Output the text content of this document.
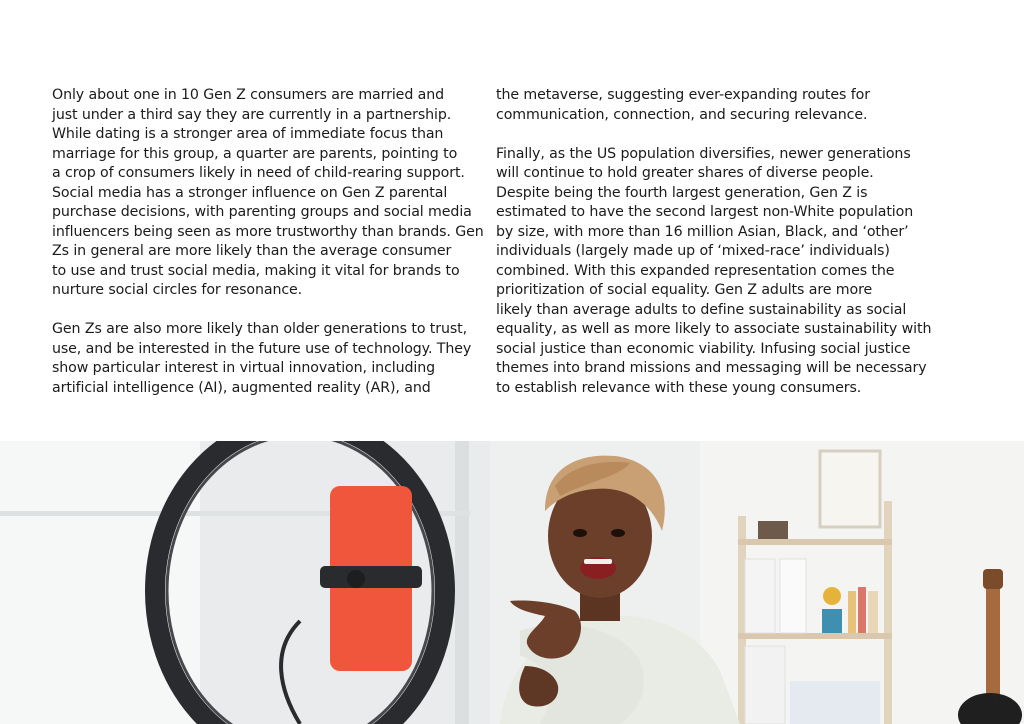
Only about one in 10 Gen Z consumers are married and
just under a third say they are currently in a partnership.
While dating is a stronger area of immediate focus than
marriage for this group, a quarter are parents, pointing to
a crop of consumers likely in need of child-rearing support.
Social media has a stronger influence on Gen Z parental
purchase decisions, with parenting groups and social media
influencers being seen as more trustworthy than brands. Gen
Zs in general are more likely than the average consumer
to use and trust social media, making it vital for brands to
nurture social circles for resonance.

Gen Zs are also more likely than older generations to trust,
use, and be interested in the future use of technology. They
show particular interest in virtual innovation, including
artificial intelligence (AI), augmented reality (AR), and

the metaverse, suggesting ever-expanding routes for
communication, connection, and securing relevance.

Finally, as the US population diversifies, newer generations
will continue to hold greater shares of diverse people.
Despite being the fourth largest generation, Gen Z is
estimated to have the second largest non-White population
by size, with more than 16 million Asian, Black, and ‘other’
individuals (largely made up of ‘mixed-race’ individuals)
combined. With this expanded representation comes the
prioritization of social equality. Gen Z adults are more
likely than average adults to define sustainability as social
equality, as well as more likely to associate sustainability with
social justice than economic viability. Infusing social justice
themes into brand missions and messaging will be necessary
to establish relevance with these young consumers.

5
